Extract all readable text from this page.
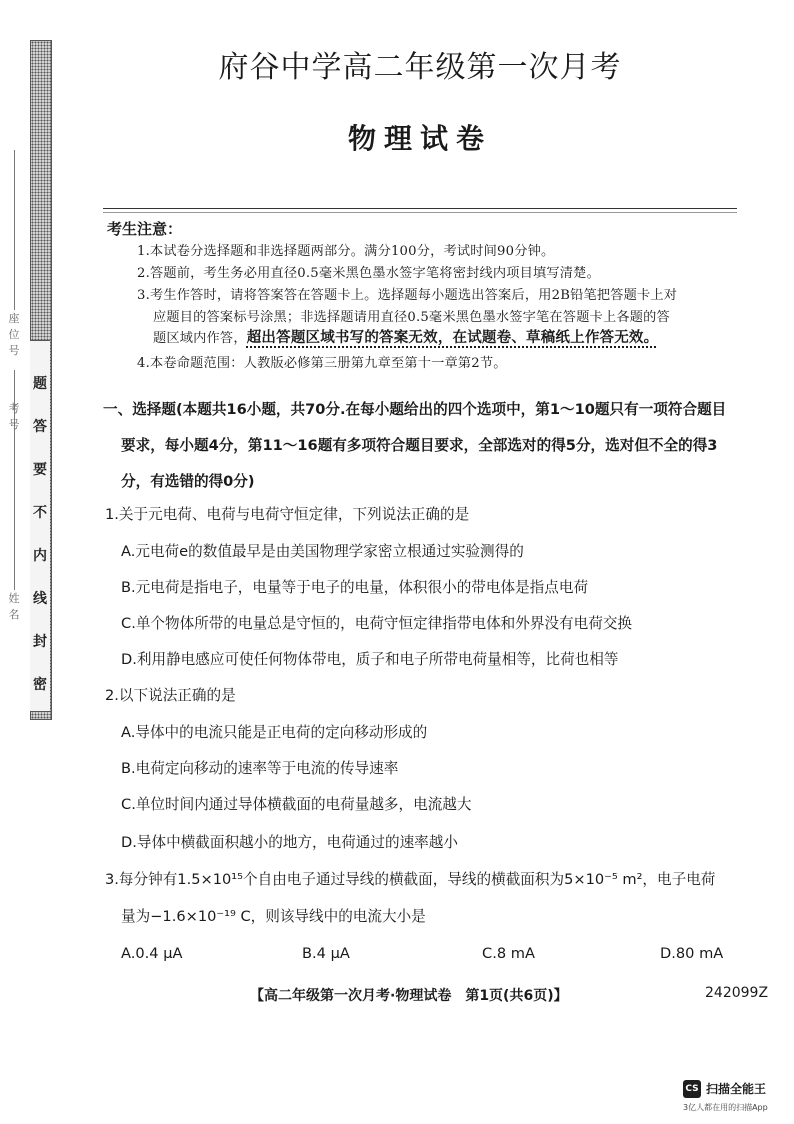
密
封
线
内
不
要
答
题
座位号
考号
姓名
府谷中学高二年级第一次月考
物理试卷
考生注意：
1.本试卷分选择题和非选择题两部分。满分100分，考试时间90分钟。
2.答题前，考生务必用直径0.5毫米黑色墨水签字笔将密封线内项目填写清楚。
3.考生作答时，请将答案答在答题卡上。选择题每小题选出答案后，用2B铅笔把答题卡上对
应题目的答案标号涂黑；非选择题请用直径0.5毫米黑色墨水签字笔在答题卡上各题的答
题区域内作答，超出答题区域书写的答案无效，在试题卷、草稿纸上作答无效。
4.本卷命题范围：人教版必修第三册第九章至第十一章第2节。
一、选择题(本题共16小题，共70分.在每小题给出的四个选项中，第1～10题只有一项符合题目
要求，每小题4分，第11～16题有多项符合题目要求，全部选对的得5分，选对但不全的得3
分，有选错的得0分)
1.关于元电荷、电荷与电荷守恒定律，下列说法正确的是
A.元电荷e的数值最早是由美国物理学家密立根通过实验测得的
B.元电荷是指电子，电量等于电子的电量，体积很小的带电体是指点电荷
C.单个物体所带的电量总是守恒的，电荷守恒定律指带电体和外界没有电荷交换
D.利用静电感应可使任何物体带电，质子和电子所带电荷量相等，比荷也相等
2.以下说法正确的是
A.导体中的电流只能是正电荷的定向移动形成的
B.电荷定向移动的速率等于电流的传导速率
C.单位时间内通过导体横截面的电荷量越多，电流越大
D.导体中横截面积越小的地方，电荷通过的速率越小
3.每分钟有1.5×10¹⁵个自由电子通过导线的横截面，导线的横截面积为5×10⁻⁵ m²，电子电荷
量为−1.6×10⁻¹⁹ C，则该导线中的电流大小是
A.0.4 μA	B.4 μA	C.8 mA	D.80 mA
【高二年级第一次月考·物理试卷　第1页(共6页)】	242099Z
CS 扫描全能王
3亿人都在用的扫描App
